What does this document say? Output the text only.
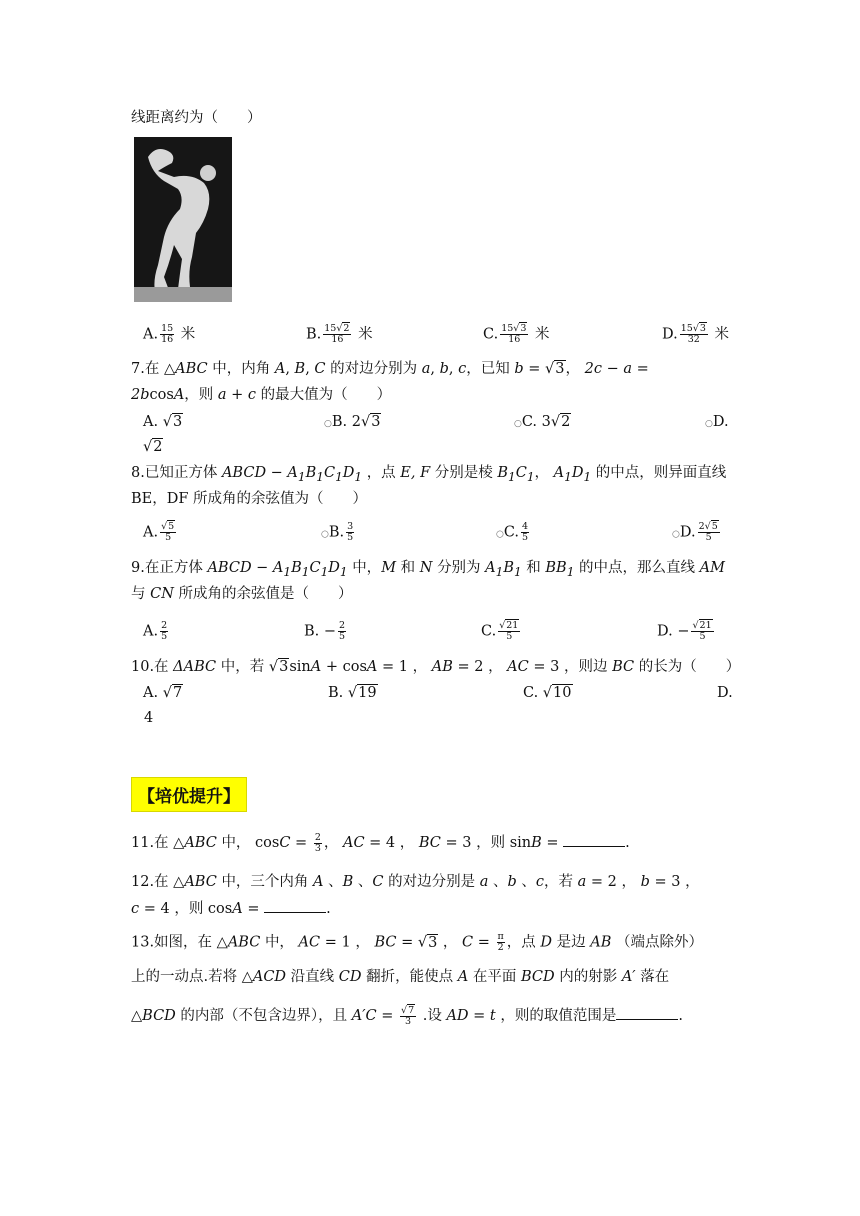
线距离约为（　　）
A. $\frac{15}{16}$ 米	B. $\frac{15√2}{16}$ 米	C. $\frac{15√3}{16}$ 米	D. $\frac{15√3}{32}$ 米
7.在 △ABC 中，内角 A, B, C 的对边分别为 a, b, c，已知 b = √3， 2c − a =
2bcosA，则 a + c 的最大值为（　　）
A. √3	○B. 2√3	○C. 3√2	○D.
√2
8.已知正方体 ABCD − $A_1B_1C_1D_1$ ，点 E, F 分别是棱 $B_1C_1$， $A_1D_1$ 的中点，则异面直线
BE，DF 所成角的余弦值为（　　）
A. $\frac{√5}{5}$	○B. $\frac{3}{5}$	○C. $\frac{4}{5}$	○D. $\frac{2√5}{5}$
9.在正方体 ABCD − $A_1B_1C_1D_1$ 中，M 和 N 分别为 $A_1B_1$ 和 $BB_1$ 的中点，那么直线 AM
与 CN 所成角的余弦值是（　　）
A. $\frac{2}{5}$	B. − $\frac{2}{5}$	C. $\frac{√21}{5}$	D. − $\frac{√21}{5}$
10.在 ΔABC 中，若 √3sinA + cosA = 1 ， AB = 2 ， AC = 3 ，则边 BC 的长为（　　）
A. √7	B. √19	C. √10	D.
4
【培优提升】
11.在 △ABC 中， $\cos C = \frac{2}{3}$ ， AC = 4 ， BC = 3 ，则 sinB =	.
12.在 △ABC 中，三个内角 A 、B 、C 的对边分别是 a 、b 、c，若 a = 2 ， b = 3 ，
c = 4 ，则 cosA =	.
13.如图，在 △ABC 中， AC = 1 ， BC = √3 ， $C = \frac{\pi}{2}$ ，点 D 是边 AB （端点除外）
上的一动点.若将 △ACD 沿直线 CD 翻折，能使点 A 在平面 BCD 内的射影 A′ 落在
△BCD 的内部（不包含边界），且 $A'C = \frac{√7}{3}$ .设 AD = t ，则的取值范围是	.
